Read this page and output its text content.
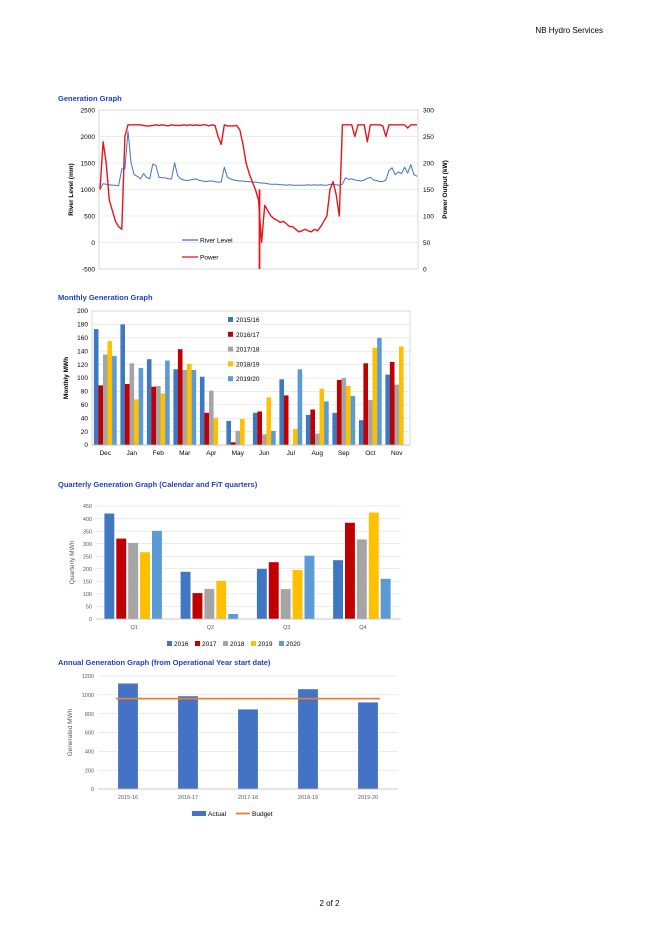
NB Hydro Services
Generation Graph
2500
2000
1500
1000
500
0
-500
300
250
200
150
100
50
0
River Level (mm)	Power Output (kW)
River Level
Power
200
180
160
140
120
100
80
60
40
20
0
Monthly MWh
Dec Jan Feb Mar Apr May Jun	Jul	Aug Sep Oct Nov
2015/16
2016/17
2017/18
2018/19
2019/20
450
400
350
300
250
200
150
100
50
0
Quarterly MWh
Q1	Q2	Q3	Q4
2016 2017 2018 2019 2020
1200
1000
800
600
400
200
0
Generated MWh
2015-16	2016-17	2017-18	2018-19	2019-20
Actual	Budget
Monthly Generation Graph
Quarterly Generation Graph (Calendar and FiT quarters)
Annual Generation Graph (from Operational Year start date)
2 of 2
